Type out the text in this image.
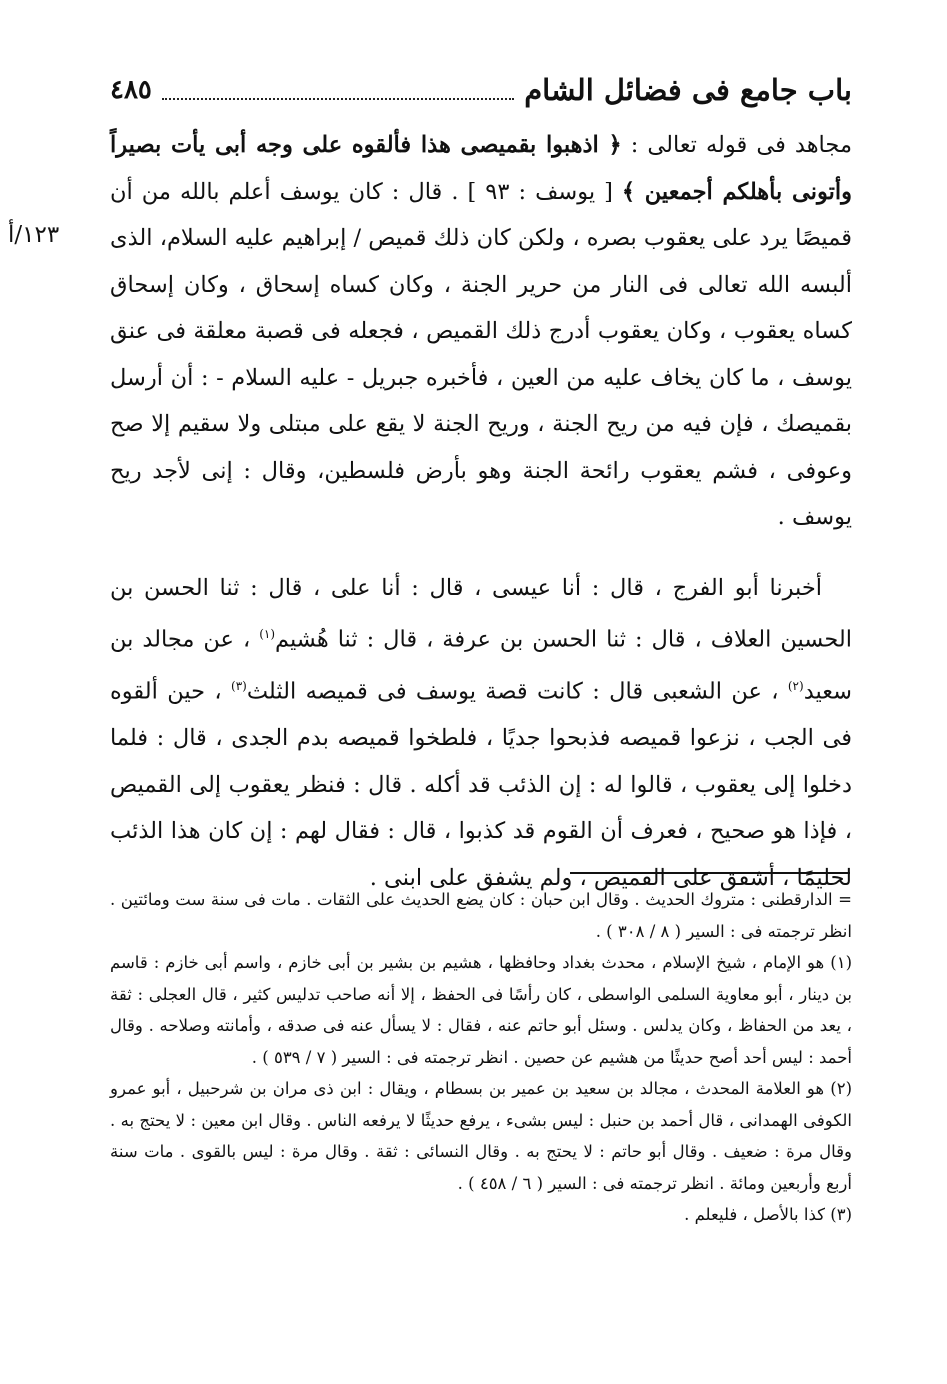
باب جامع فى فضائل الشام
٤٨٥
١٢٣/أ

مجاهد فى قوله تعالى : ﴿ اذهبوا بقميصى هذا فألقوه على وجه أبى يأت بصيراً وأتونى بأهلكم أجمعين ﴾ [ يوسف : ٩٣ ] . قال : كان يوسف أعلم بالله من أن قميصًا يرد على يعقوب بصره ، ولكن كان ذلك قميص / إبراهيم عليه السلام، الذى ألبسه الله تعالى فى النار من حرير الجنة ، وكان كساه إسحاق ، وكان إسحاق كساه يعقوب ، وكان يعقوب أدرج ذلك القميص ، فجعله فى قصبة معلقة فى عنق يوسف ، ما كان يخاف عليه من العين ، فأخبره جبريل - عليه السلام - : أن أرسل بقميصك ، فإن فيه من ريح الجنة ، وريح الجنة لا يقع على مبتلى ولا سقيم إلا صح وعوفى ، فشم يعقوب رائحة الجنة وهو بأرض فلسطين، وقال : إنى لأجد ريح يوسف .

أخبرنا أبو الفرج ، قال : أنا عيسى ، قال : أنا على ، قال : ثنا الحسن بن الحسين العلاف ، قال : ثنا الحسن بن عرفة ، قال : ثنا هُشيم$^{(١)}$ ، عن مجالد بن سعيد$^{(٢)}$ ، عن الشعبى قال : كانت قصة يوسف فى قميصه الثلث$^{(٣)}$ ، حين ألقوه فى الجب ، نزعوا قميصه فذبحوا جديًا ، فلطخوا قميصه بدم الجدى ، قال : فلما دخلوا إلى يعقوب ، قالوا له : إن الذئب قد أكله . قال : فنظر يعقوب إلى القميص ، فإذا هو صحيح ، فعرف أن القوم قد كذبوا ، قال : فقال لهم : إن كان هذا الذئب لحليمًا ، أشفق على القميص ، ولم يشفق على ابنى .

= الدارقطنى : متروك الحديث . وقال ابن حبان : كان يضع الحديث على الثقات . مات فى سنة ست ومائتين . انظر ترجمته فى : السير ( ٨ / ٣٠٨ ) .

(١) هو الإمام ، شيخ الإسلام ، محدث بغداد وحافظها ، هشيم بن بشير بن أبى خازم ، واسم أبى خازم : قاسم بن دينار ، أبو معاوية السلمى الواسطى ، كان رأسًا فى الحفظ ، إلا أنه صاحب تدليس كثير ، قال العجلى : ثقة ، يعد من الحفاظ ، وكان يدلس . وسئل أبو حاتم عنه ، فقال : لا يسأل عنه فى صدقه ، وأمانته وصلاحه . وقال أحمد : ليس أحد أصح حديثًا من هشيم عن حصين . انظر ترجمته فى : السير ( ٧ / ٥٣٩ ) .

(٢) هو العلامة المحدث ، مجالد بن سعيد بن عمير بن بسطام ، ويقال : ابن ذى مران بن شرحبيل ، أبو عمرو الكوفى الهمدانى ، قال أحمد بن حنبل : ليس بشىء ، يرفع حديثًا لا يرفعه الناس . وقال ابن معين : لا يحتج به . وقال مرة : ضعيف . وقال أبو حاتم : لا يحتج به . وقال النسائى : ثقة . وقال مرة : ليس بالقوى . مات سنة أربع وأربعين ومائة . انظر ترجمته فى : السير ( ٦ / ٤٥٨ ) .

(٣) كذا بالأصل ، فليعلم .
